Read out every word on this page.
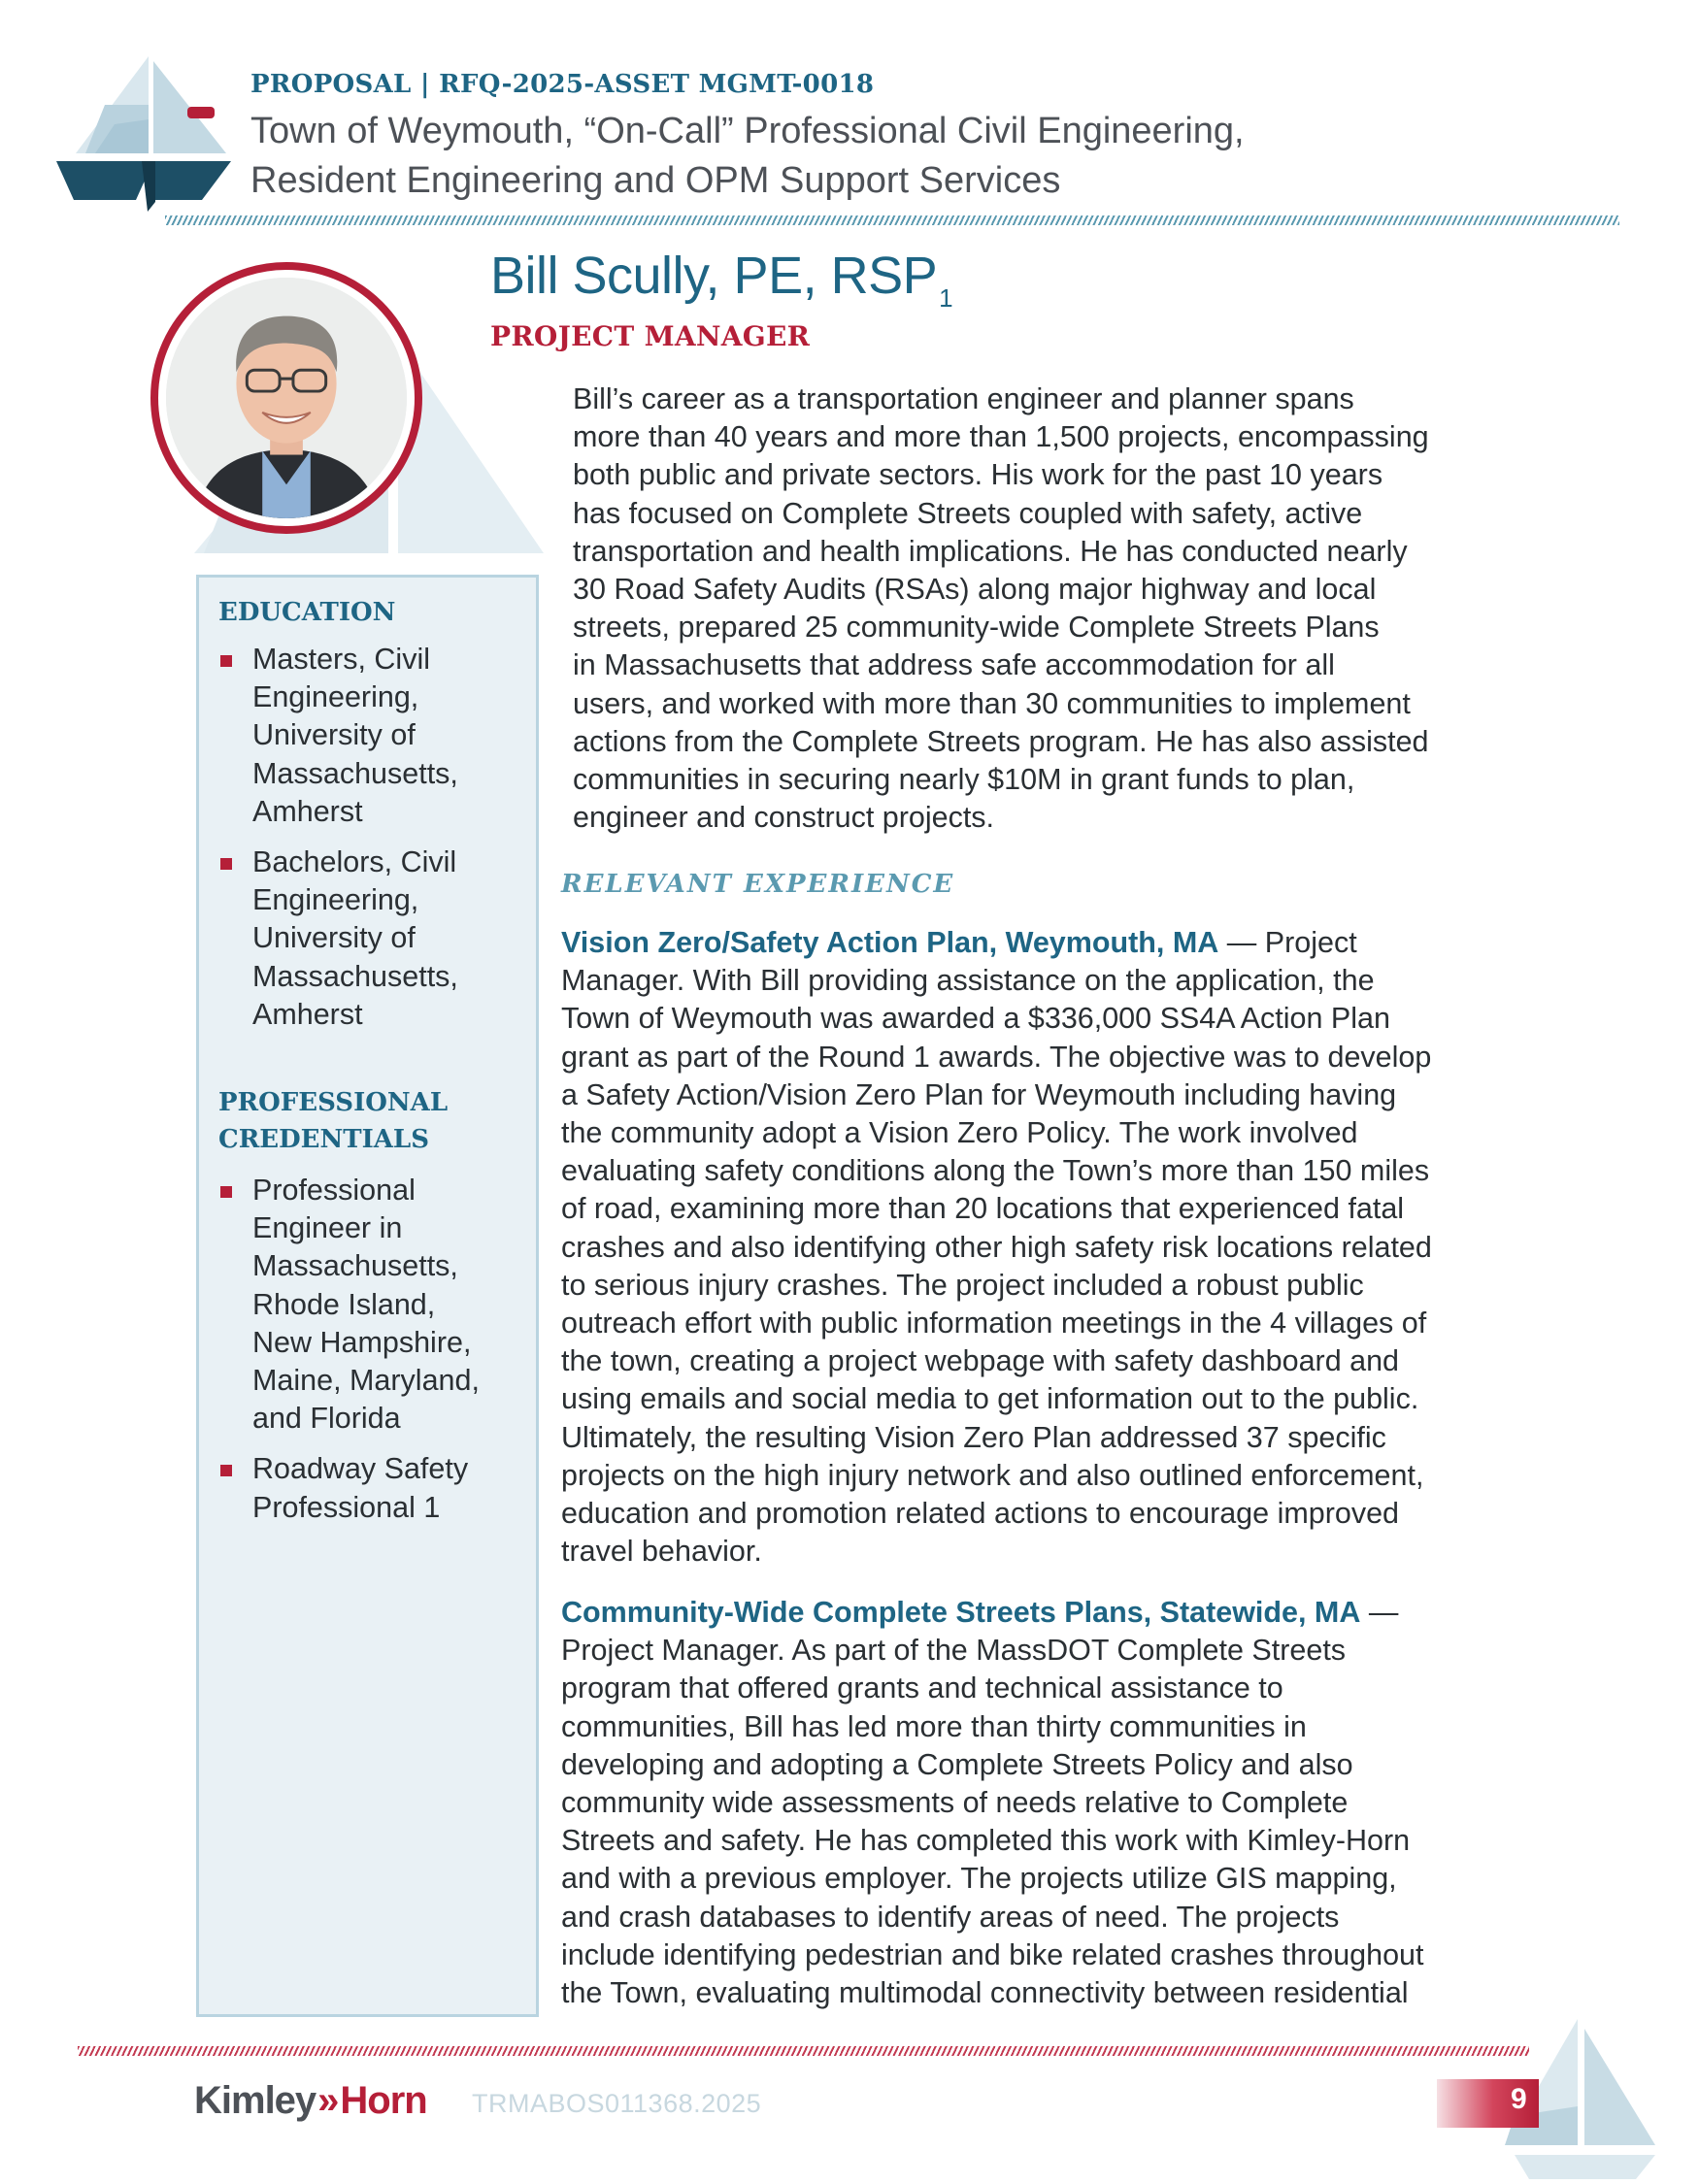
PROPOSAL | RFQ-2025-ASSET MGMT-0018
Town of Weymouth, “On-Call” Professional Civil Engineering,
Resident Engineering and OPM Support Services
Bill Scully, PE, $RSP_1$
PROJECT MANAGER
Bill’s career as a transportation engineer and planner spans
more than 40 years and more than 1,500 projects, encompassing
both public and private sectors. His work for the past 10 years
has focused on Complete Streets coupled with safety, active
transportation and health implications. He has conducted nearly
30 Road Safety Audits (RSAs) along major highway and local
streets, prepared 25 community-wide Complete Streets Plans
in Massachusetts that address safe accommodation for all
users, and worked with more than 30 communities to implement
actions from the Complete Streets program. He has also assisted
communities in securing nearly $10M in grant funds to plan,
engineer and construct projects.
EDUCATION
Masters, Civil
Engineering,
University of
Massachusetts,
Amherst
Bachelors, Civil
Engineering,
University of
Massachusetts,
Amherst
PROFESSIONAL
CREDENTIALS
Professional
Engineer in
Massachusetts,
Rhode Island,
New Hampshire,
Maine, Maryland,
and Florida
Roadway Safety
Professional 1
RELEVANT EXPERIENCE
Vision Zero/Safety Action Plan, Weymouth, MA — Project
Manager. With Bill providing assistance on the application, the
Town of Weymouth was awarded a $336,000 SS4A Action Plan
grant as part of the Round 1 awards. The objective was to develop
a Safety Action/Vision Zero Plan for Weymouth including having
the community adopt a Vision Zero Policy. The work involved
evaluating safety conditions along the Town’s more than 150 miles
of road, examining more than 20 locations that experienced fatal
crashes and also identifying other high safety risk locations related
to serious injury crashes. The project included a robust public
outreach effort with public information meetings in the 4 villages of
the town, creating a project webpage with safety dashboard and
using emails and social media to get information out to the public.
Ultimately, the resulting Vision Zero Plan addressed 37 specific
projects on the high injury network and also outlined enforcement,
education and promotion related actions to encourage improved
travel behavior.
Community-Wide Complete Streets Plans, Statewide, MA —
Project Manager. As part of the MassDOT Complete Streets
program that offered grants and technical assistance to
communities, Bill has led more than thirty communities in
developing and adopting a Complete Streets Policy and also
community wide assessments of needs relative to Complete
Streets and safety. He has completed this work with Kimley-Horn
and with a previous employer. The projects utilize GIS mapping,
and crash databases to identify areas of need. The projects
include identifying pedestrian and bike related crashes throughout
the Town, evaluating multimodal connectivity between residential
Kimley»Horn TRMABOS011368.2025	9
